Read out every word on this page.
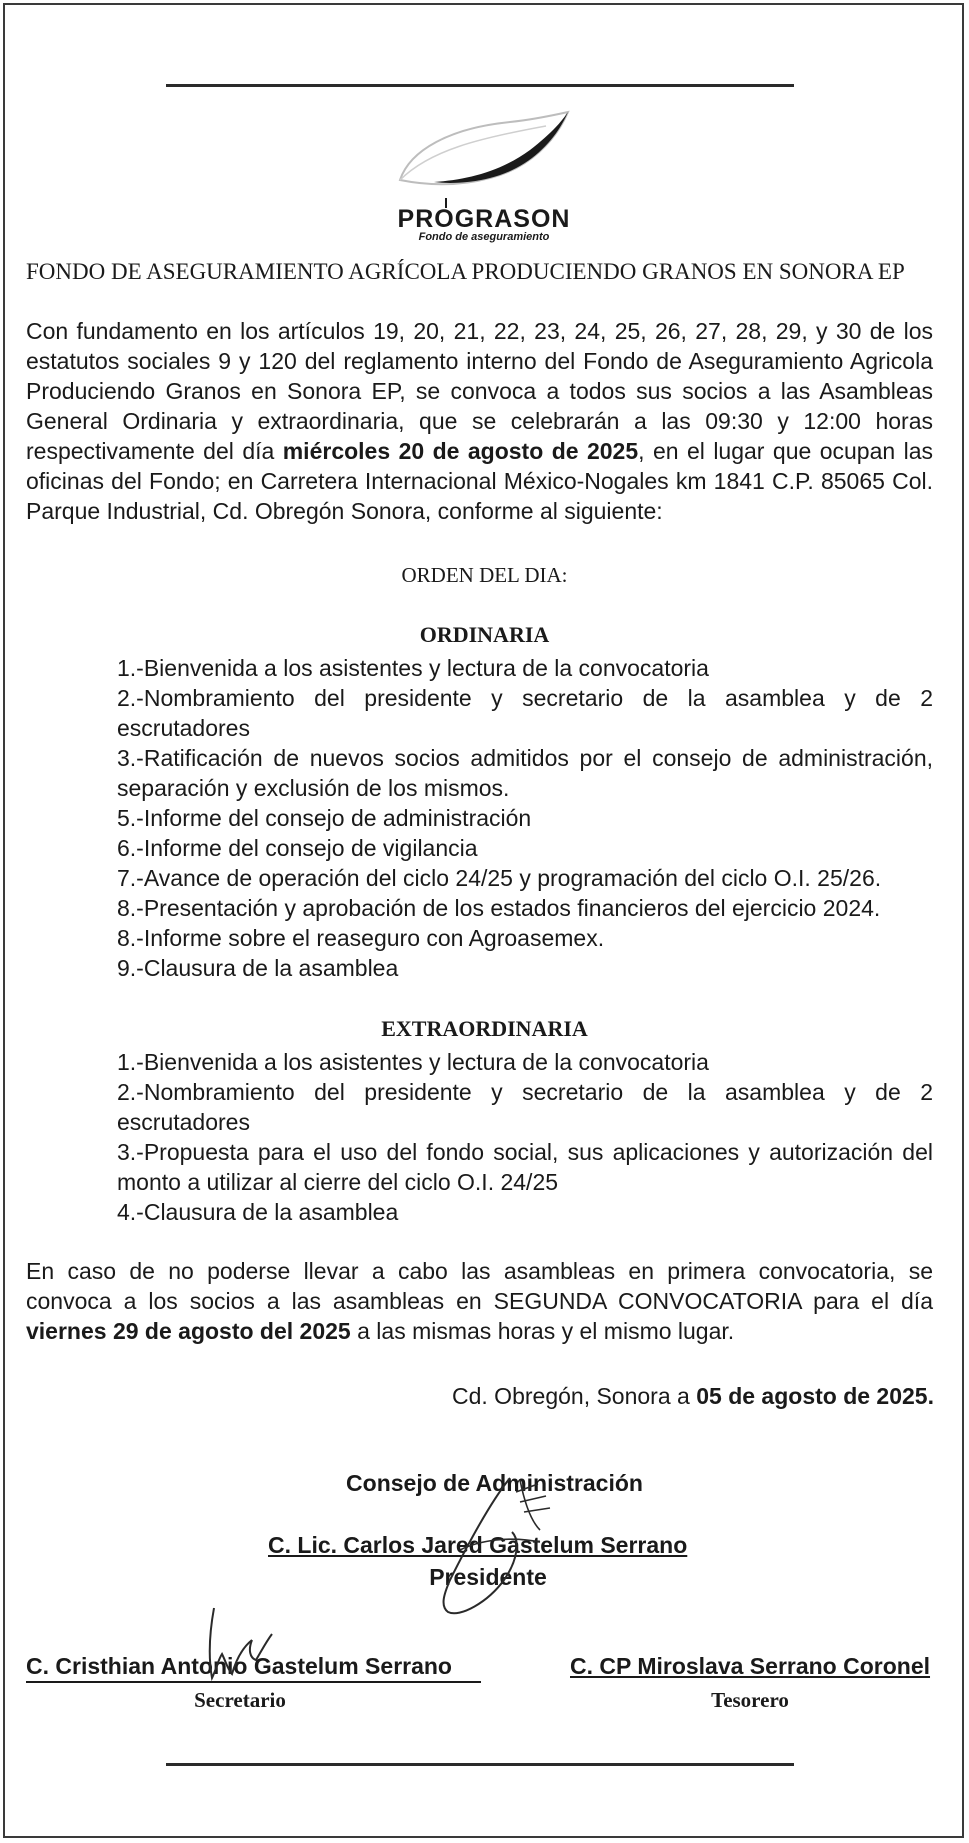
PROGRASON
Fondo de aseguramiento
FONDO DE ASEGURAMIENTO AGRÍCOLA PRODUCIENDO GRANOS EN SONORA EP

Con fundamento en los artículos 19, 20, 21, 22, 23, 24, 25, 26, 27, 28, 29, y 30 de los estatutos sociales 9 y 120 del reglamento interno del Fondo de Aseguramiento Agricola Produciendo Granos en Sonora EP, se convoca a todos sus socios a las Asambleas General Ordinaria y extraordinaria, que se celebrarán a las 09:30 y 12:00 horas respectivamente del día miércoles 20 de agosto de 2025, en el lugar que ocupan las oficinas del Fondo; en Carretera Internacional México-Nogales km 1841 C.P. 85065 Col. Parque Industrial, Cd. Obregón Sonora, conforme al siguiente:

ORDEN DEL DIA:
ORDINARIA
1.-Bienvenida a los asistentes y lectura de la convocatoria
2.-Nombramiento del presidente y secretario de la asamblea y de 2 escrutadores
3.-Ratificación de nuevos socios admitidos por el consejo de administración, separación y exclusión de los mismos.
5.-Informe del consejo de administración
6.-Informe del consejo de vigilancia
7.-Avance de operación del ciclo 24/25 y programación del ciclo O.I. 25/26.
8.-Presentación y aprobación de los estados financieros del ejercicio 2024.
8.-Informe sobre el reaseguro con Agroasemex.
9.-Clausura de la asamblea
EXTRAORDINARIA
1.-Bienvenida a los asistentes y lectura de la convocatoria
2.-Nombramiento del presidente y secretario de la asamblea y de 2 escrutadores
3.-Propuesta para el uso del fondo social, sus aplicaciones y autorización del monto a utilizar al cierre del ciclo O.I. 24/25
4.-Clausura de la asamblea

En caso de no poderse llevar a cabo las asambleas en primera convocatoria, se convoca a los socios a las asambleas en SEGUNDA CONVOCATORIA para el día viernes 29 de agosto del 2025 a las mismas horas y el mismo lugar.

Cd. Obregón, Sonora a 05 de agosto de 2025.
Consejo de Administración
C. Lic. Carlos Jared Gastelum Serrano
Presidente
C. Cristhian Antonio Gastelum Serrano
Secretario
C. CP Miroslava Serrano Coronel
Tesorero
